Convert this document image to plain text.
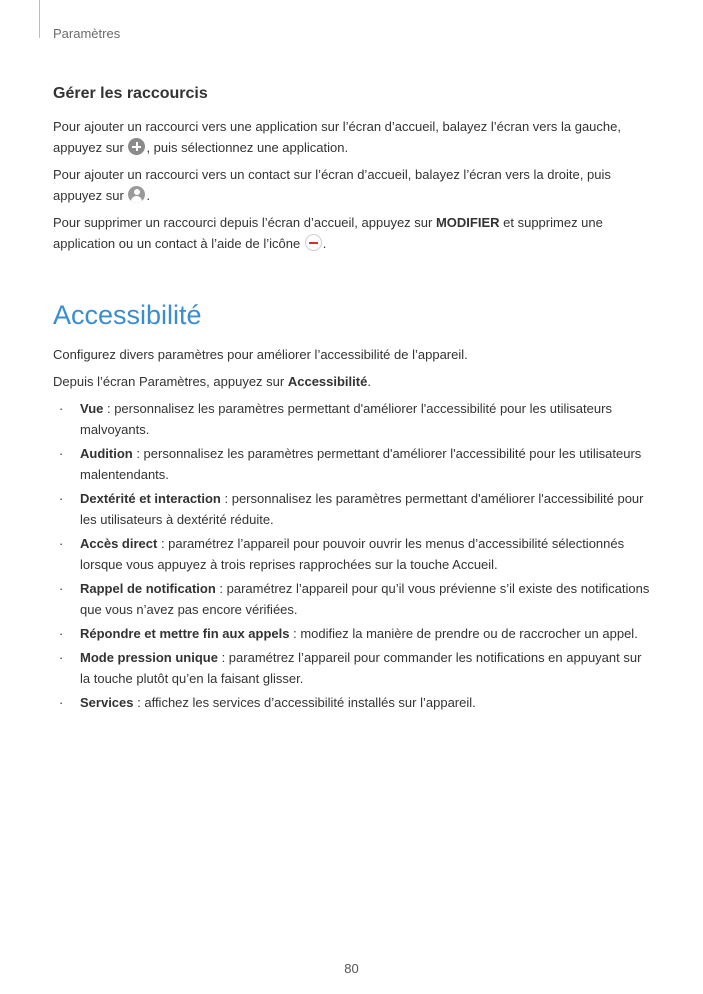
Paramètres
Gérer les raccourcis

Pour ajouter un raccourci vers une application sur l’écran d’accueil, balayez l’écran vers la gauche, appuyez sur , puis sélectionnez une application.

Pour ajouter un raccourci vers un contact sur l’écran d’accueil, balayez l’écran vers la droite, puis appuyez sur
.

Pour supprimer un raccourci depuis l’écran d’accueil, appuyez sur MODIFIER et supprimez une application ou un contact à l’aide de l’icône .

Accessibilité

Configurez divers paramètres pour améliorer l’accessibilité de l’appareil.

Depuis l’écran Paramètres, appuyez sur Accessibilité.

· Vue : personnalisez les paramètres permettant d'améliorer l'accessibilité pour les utilisateurs malvoyants.
· Audition : personnalisez les paramètres permettant d'améliorer l'accessibilité pour les utilisateurs malentendants.
· Dextérité et interaction : personnalisez les paramètres permettant d'améliorer l'accessibilité pour les utilisateurs à dextérité réduite.
· Accès direct : paramétrez l’appareil pour pouvoir ouvrir les menus d’accessibilité sélectionnés lorsque vous appuyez à trois reprises rapprochées sur la touche Accueil.
· Rappel de notification : paramétrez l’appareil pour qu’il vous prévienne s’il existe des notifications que vous n’avez pas encore vérifiées.
· Répondre et mettre fin aux appels : modifiez la manière de prendre ou de raccrocher un appel.
· Mode pression unique : paramétrez l’appareil pour commander les notifications en appuyant sur la touche plutôt qu’en la faisant glisser.
· Services : affichez les services d’accessibilité installés sur l’appareil.
80
